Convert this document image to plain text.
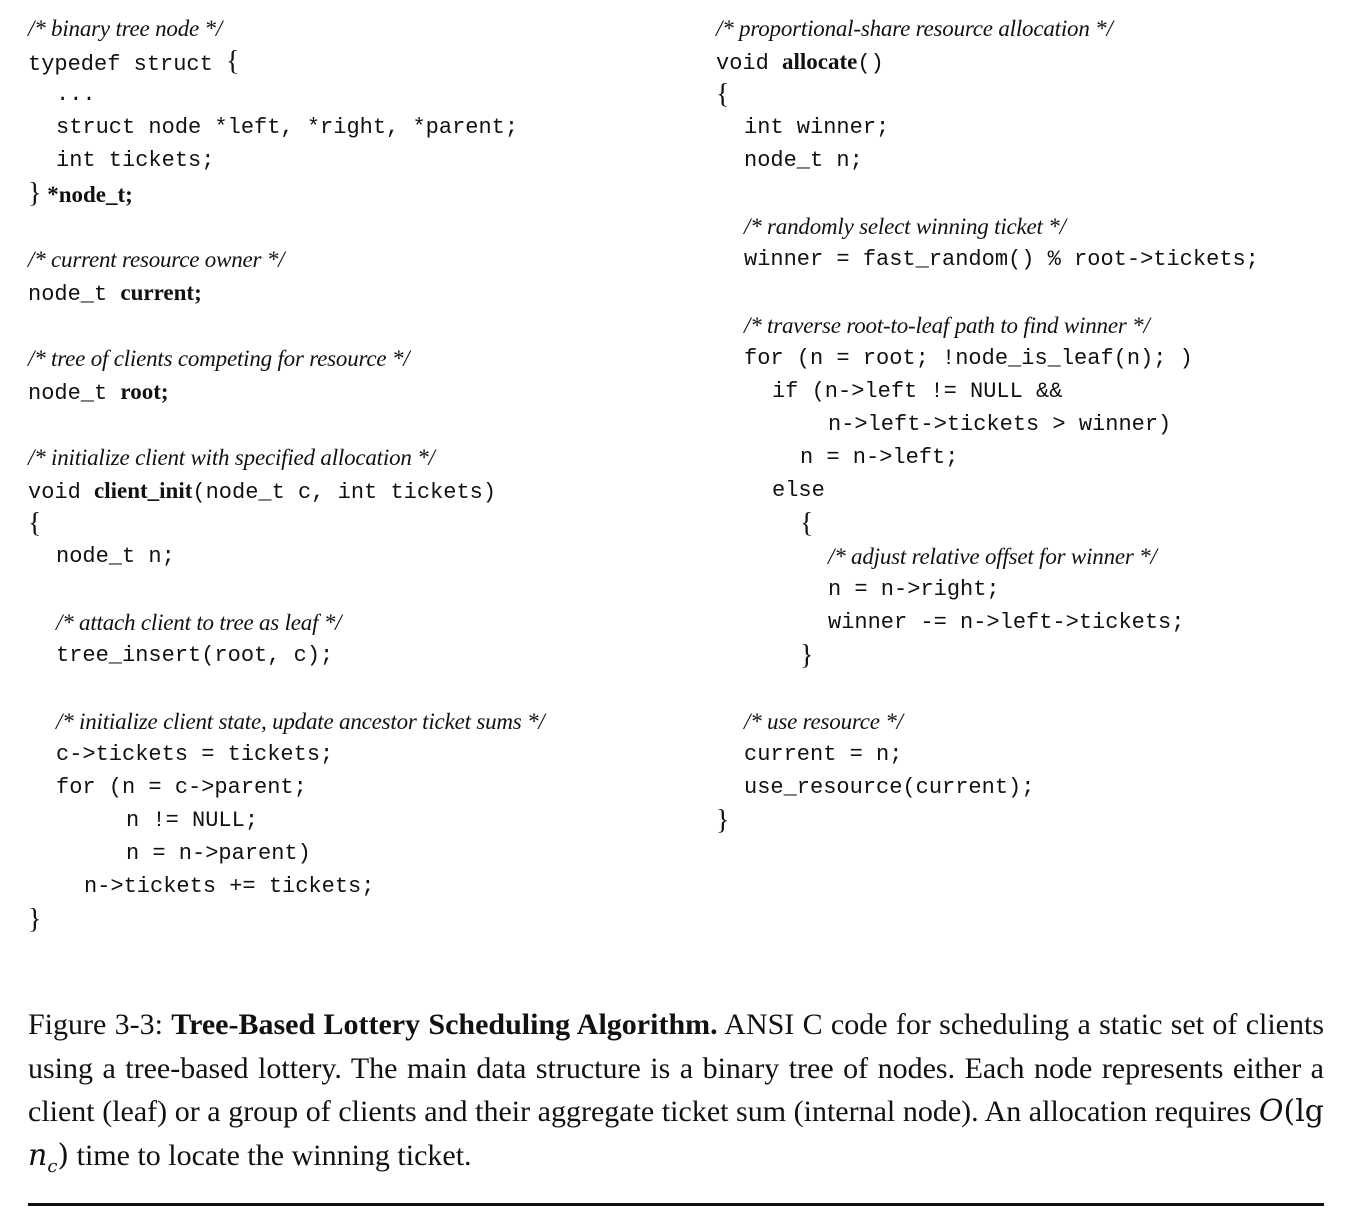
/* binary tree node */
typedef struct {
...
struct node *left, *right, *parent;
int tickets;
} *node_t;
/* current resource owner */
node_t current;
/* tree of clients competing for resource */
node_t root;
/* initialize client with specified allocation */
void client_init(node_t c, int tickets)
{
node_t n;
/* attach client to tree as leaf */
tree_insert(root, c);
/* initialize client state, update ancestor ticket sums */
c->tickets = tickets;
for (n = c->parent;
n != NULL;
n = n->parent)
n->tickets += tickets;
}
/* proportional-share resource allocation */
void allocate()
{
int winner;
node_t n;
/* randomly select winning ticket */
winner = fast_random() % root->tickets;
/* traverse root-to-leaf path to find winner */
for (n = root; !node_is_leaf(n); )
if (n->left != NULL &&
n->left->tickets > winner)
n = n->left;
else
{
/* adjust relative offset for winner */
n = n->right;
winner -= n->left->tickets;
}
/* use resource */
current = n;
use_resource(current);
}
Figure 3-3: Tree-Based Lottery Scheduling Algorithm. ANSI C code for scheduling a static set of clients using a tree-based lottery. The main data structure is a binary tree of nodes. Each node represents either a client (leaf) or a group of clients and their aggregate ticket sum (internal node). An allocation requires O(lg $n_c$) time to locate the winning ticket.
